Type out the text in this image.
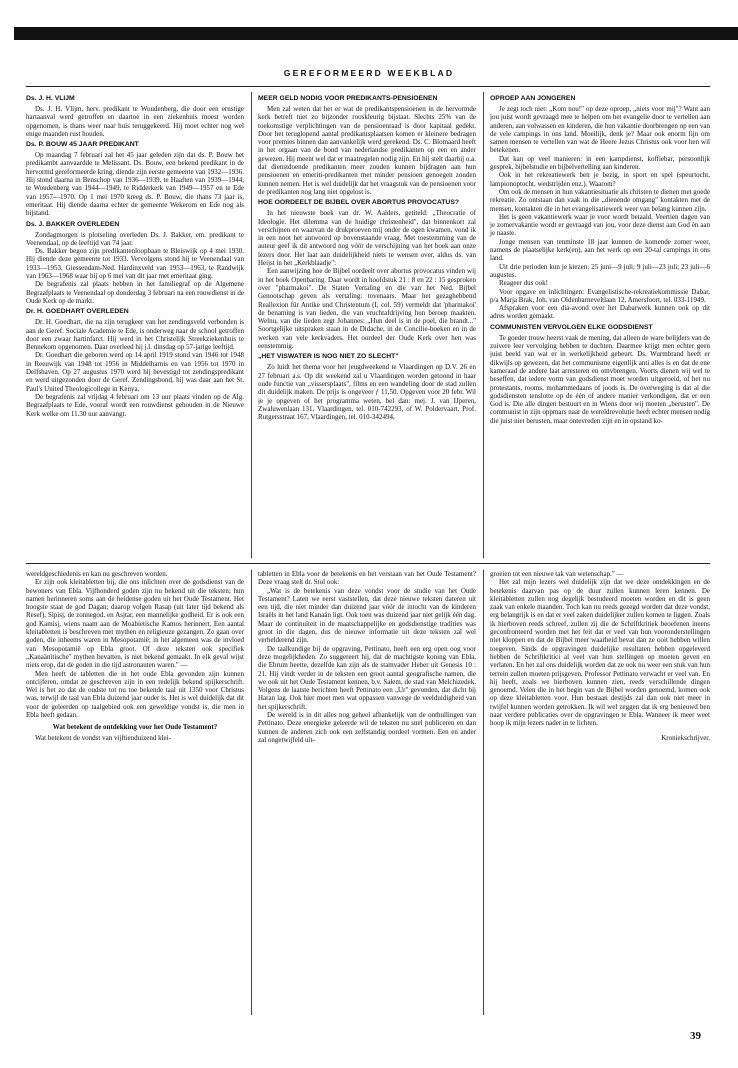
GEREFORMEERD WEEKBLAD
Ds. J. H. VLIJM

Ds. J. H. Vlijm, herv. predikant te Woudenberg, die door een ernstige hartaanval werd getroffen en daartoe in een ziekenhuis moest worden opgenomen, is thans weer naar huis teruggekeerd. Hij moet echter nog wel enige maanden rust houden.

Ds. P. BOUW 45 JAAR PREDIKANT

Op maandag 7 februari zal het 45 jaar geleden zijn dat ds. P. Bouw het predikambt aanvaardde te Melissant. Ds. Bouw, een bekend predikant in de hervormd gereformeerde kring, diende zijn eerste gemeente van 1932—1936. Hij stond daarna in Benschop van 1936—1939, te Haaften van 1939—1944, te Woudenberg van 1944—1949, te Ridderkerk van 1949—1957 en te Ede van 1957—1970. Op 1 mei 1970 kreeg ds. P. Bouw, die thans 73 jaar is, emeritaat. Hij diende daarna echter de gemeente Wekerom en Ede nog als bijstand.

Ds. J. BAKKER OVERLEDEN

Zondagmorgen is plotseling overleden Ds. J. Bakker, em. predikant te Veenendaal, op de leeftijd van 74 jaar.

Ds. Bakker begon zijn predikantenloopbaan te Bleiswijk op 4 mei 1930. Hij diende deze gemeente tot 1933. Vervolgens stond hij te Veenendaal van 1933—1953, Giessendam-Ned. Hardinxveld van 1953—1963, te Randwijk van 1963—1968 waar hij op 6 mei van dit jaar met emeritaat ging.

De begrafenis zal plaats hebben in het familiegraf op de Algemene Begraafplaats te Veenendaal op donderdag 3 februari na een rouwdienst in de Oude Kerk op de markt.

Dr. H. GOEDHART OVERLEDEN

Dr. H. Goedhart, die na zijn terugkeer van het zendingsveld verbonden is aan de Geref. Sociale Academie te Ede, is onderweg naar de school getroffen door een zwaar hartinfarct. Hij werd in het Christelijk Streekziekenhuis te Bennekom opgenomen. Daar overleed hij j.l. dinsdag op 57-jarige leeftijd.

Dr. Goedhart die geboren werd op 14 april 1919 stond van 1946 tot 1948 in Reeuwijk van 1948 tot 1956 in Middelharnis en van 1956 tot 1970 in Delfshaven. Op 27 augustus 1970 werd hij bevestigd tot zendingspredikant en werd uitgezonden door de Geref. Zendingsbond, hij was daar aan het St. Paul's United Theologicollege in Kenya.

De begrafenis zal vrijdag 4 februari om 13 uur plaats vinden op de Alg. Begraafplaats te Ede, vooraf wordt een rouwdienst gehouden in de Nieuwe Kerk welke om 11.30 uur aanvangt.

MEER GELD NODIG VOOR PREDIKANTS-PENSIOENEN

Men zal weten dat het er wat de predikantspensioenen in de hervormde kerk betreft niet zo bijzonder rooskleurig bijstaat. Slechts 25% van de toekomstige verplichtingen van de pensioenraad is door kapitaal gedekt. Door het teruglopend aantal predikantsplaatsen komen er kleinere bedragen voor premies binnen dan aanvankelijk werd gerekend. Ds. C. Blomaard heeft in het orgaan van de bond van nederlandse predikanten op een en ander gewezen. Hij meent wel dat er maatregelen nodig zijn. En hij stelt daarbij o.a. dat dienstdoende predikanten meer zouden kunnen bijdragen aan hun pensioenen en emeriti-predikanten met minder pensioen genoegen zouden kunnen nemen. Het is wel duidelijk dat het vraagstuk van de pensioenen voor de predikanten nog lang niet opgelost is.

HOE OORDEELT DE BIJBEL OVER ABORTUS PROVOCATUS?

In het nieuwste boek van dr. W. Aalders, getiteld: „Theocratie of Ideologie. Het dilemma van de huidige christenheid", dat binnenkort zal verschijnen en waarvan de drukproeven mij onder de ogen kwamen, vond ik in een noot het antwoord op bovenstaande vraag. Met toestemming van de auteur geef ik dit antwoord nog vóór de verschijning van het boek aan onze lezers door. Het laat aan duidelijkheid niets te wensen over, aldus ds. van Heijst in het „Kerkblaadje":

Een aanwijzing hoe de Bijbel oordeelt over abortus provocatus vinden wij in het boek Openbaring. Daar wordt in hoofdstuk 21 : 8 en 22 : 15 gesproken over "pharmakoi". De Staten Vertaling en die van het Ned. Bijbel Genootschap geven als vertaling: tovenaars. Maar het gezaghebbend Reallexion für Antike und Christentum (I, col. 59) vermeldt dat 'pharmakoi' de benaming is van lieden, die van vruchtafdrijving hun beroep maakten. Welnu, van die lieden zegt Johannes: „Hun deel is in de poel, die brandt..." Soortgelijke uitspraken staan in de Didache, in de Concilie-boeken en in de werken van vele kerkvaders. Het oordeel der Oude Kerk over hen was eenstemmig.

„HET VISWATER IS NOG NIET ZO SLECHT"

Zo luidt het thema voor het jeugdweekend te Vlaardingen op D.V. 26 en 27 februari a.s. Op dit weekend zal u Vlaardingen worden getoond in haar oude functie van „vissersplaats", films en een wandeling door de stad zullen dit duidelijk maken. De prijs is ongeveer ƒ 11,50. Opgeven voor 20 febr. Wil je je opgeven of het programma weten, bel dan: mej. J. van IJperen, Zwaluwenlaan 131, Vlaardingen, tel. 010-742293, of W. Poldervaart, Prof. Rutgersstraat 167, Vlaardingen, tel. 010-342494.

OPROEP AAN JONGEREN

Je zegt toch niet: „Kom nou!" op deze oproep, „niets voor mij"? Want aan jou juist wordt gevraagd mee te helpen om het evangelie door te vertellen aan anderen, aan volwassen en kinderen, die hun vakantie doorbrengen op een van de vele campings in ons land. Moeilijk, denk je? Maar ook enorm fijn om samen mensen te vertellen van wat de Heere Jezus Christus ook voor hen wil betekenen.

Dat kan op veel manieren: in een kampdienst, koffiebar, persoonlijk gesprek, bijbelstudie en bijbelvertelling aan kinderen.

Ook in het rekreatiewerk ben je bezig, in sport en spel (speurtocht, lampionoptocht, wedstrijden enz.). Waarom?

Om ook de mensen in hun vakantiesituatie als christen te dienen met goede rekreatie. Zo ontstaan dan vaak in die „dienende omgang" kontakten met de mensen, kontakten die in het evangelisatiewerk weer van belang kunnen zijn.

Het is geen vakantiewerk waar je voor wordt betaald. Veertien dagen van je zomervakantie wordt er gevraagd van jou, voor deze dienst aan God èn aan je naaste.

Jonge mensen van tenminste 18 jaar kunnen de komende zomer weer, namens de plaatselijke kerk(en), aan het werk op een 20-tal campings in ons land.

Uit drie perioden kun je kiezen: 25 juni—9 juli; 9 juli—23 juli; 23 juli—6 augustus.

Reageer dus ook!

Voor opgave en inlichtingen: Evangelistische-rekreatiekommissie Dabar, p/a Marja Brak, Joh. van Oldenbarneveltlaan 12, Amersfoort, tel. 033-11949.

Afspraken voor een dia-avond over het Dabarwerk kunnen ook op dit adres worden gemaakt.

COMMUNISTEN VERVOLGEN ELKE GODSDIENST

Te goeder trouw heerst vaak de mening, dat alleen de ware belijders van de zuivere leer vervolging hebben te duchten. Daarmee krijgt men echter geen juist beeld van wat er in werkelijkheid gebeurt. Ds. Wurmbrand heeft er dikwijls op gewezen, dat het communisme eigenlijk anti alles is en dat de ene kameraad de andere laat arresteren en omvbrengen. Voorts dienen wij wel te beseffen, dat iedere vorm van godsdienst moet worden uitgeroeid, of het nu protestants, rooms, mohammedaans of joods is. De overweging is dat al die godsdiensten tenslotte op de één of andere manier verkondigen, dat er een God is. Die alle dingen bestuurt en in Wiens door wij moeten „berusten". De communist in zijn oppmars naar de wereldrevolutie heeft echter mensen nodig die juist niet berusten, maar ontevreden zijn en in opstand ko-

wereldgeschiedenis en kan nu geschreven worden.

Er zijn ook kleitabletten bij, die ons inlichten over de godsdienst van de bewoners van Ebla. Vijfhonderd goden zijn nu bekend uit die teksten; hun namen herinneren soms aan de heidense goden uit het Oude Testament. Het hoogste staat de god Dagan; daarop volgen Rasap (uit later tijd bekend als Resef), Sipisj, de zonnegod, en Asjtar, een mannelijke godheid. Er is ook een god Kamisj, wiens naam aan de Moabietische Kamos herinnert. Een aantal kleitabletten is beschreven met mythen en religieuze gezangen. Ze gaan over goden, die inheems waren in Mesopotamië; in het algemeen was de invloed van Mesopotamië op Ebla groot. Of deze teksten ook specifiek „Kanaänitische" mythen bevatten, is niet bekend gemaakt. In elk geval wijst niets erop, dat de goden in die tijd astronauten waren." —

Men heeft de tabletten die in het oude Ebla gevonden zijn kunnen ontcijferen, omdat ze geschreven zijn in een redelijk bekend spijkerschrift. Wel is het zo dat de oudste tot nu toe bekende taal uit 1350 voor Christus was, terwijl de taal van Ebla duizend jaar ouder is. Het is wel duidelijk dat dit voor de geleerden op taalgebied ook een geweldige vondst is, die men in Ebla heeft gedaan.

Wat betekent de ontdekking voor het Oude Testament?

Wat betekent de vondst van vijftienduizend klei-

tabletten in Ebla voor de betekenis en het verstaan van het Oude Testament? Deze vraag stelt dr. Stol ook:

„Wat is de betekenis van deze vondst voor de studie van het Oude Testament? Laten we eerst vaststellen, dat deze nieuwe teksten dateren uit een tijd, die niet minder dan duizend jaar vóór de intocht van de kinderen Israëls in het land Kanaän ligt. Ook toen was duizend jaar niet gelijk één dag. Maar de continuïteit in de maatschappelijke en godsdienstige tradities was groot in die dagen, dus de nieuwe informatie uit deze teksten zal wel verhelderend zijn.

De taalkundige bij de opgraving, Pettinato, heeft een erg open oog voor deze mogelijkheden. Zo suggereert hij, dat de machtigste koning van Ebla, die Ebrum heette, dezelfde kan zijn als de stamvader Heber uit Genesis 10 : 21. Hij vindt verder in de teksten een groot aantal geografische namen, die we ook uit het Oude Testament kennen, b.v. Salem, de stad van Melchizedek. Volgens de laatste berichten heeft Pettinato een „Ur" gevonden, dat dicht bij Haran lag. Ook hier moet men wat oppassen vanwege de veelduidigheid van het spijkerschrift.

De wereld is in dit alles nog geheel afhankelijk van de onthullingen van Pettinato. Deze energieke geleerde wil de teksten nu snel publiceren en dan kunnen de anderen zich ook een zelfstandig oordeel vormen. Een en ander zal ongetwijfeld uit-

groeien tot een nieuwe tak van wetenschap." —

Het zal mijn lezers wel duidelijk zijn dat we deze ontdekkingen en de betekenis daarvan pas op de duur zullen kunnen leren kennen. De kleitabletten zullen nog degelijk bestudeerd moeten worden en dit is geen zaak van enkele maanden. Toch kan nu reeds gezegd worden dat deze vondst, erg belangrijk is en dat er veel zaken duidelijker zullen komen te liggen. Zoals ik hierboven reeds schreef, zullen zij die de Schriftkritiek beoefenen ineens geconfronteerd worden met het feit dat er veel van hun vooronderstellingen niet kloppen en dat de Bijbel meer waarheid bevat dan ze ooit hebben willen toegeven. Sinds de opgravingen duidelijke resultaten hebben opgeleverd hebben de Schriftkritici al veel van hun stellingen op moeten geven en verlaten. En het zal ons duidelijk worden dat ze ook nu weer een stuk van hun terrein zullen moeten prijsgeven. Professor Pettinato verwacht er veel van. En hij heeft, zoals we hierboven kunnen zien, reeds verschillende dingen genoemd. Velen die in het begin van de Bijbel worden genoemd, komen ook op deze kleitabletten voor. Hun bestaan destijds zal dan ook niet meer in twijfel kunnen worden getrokken. Ik wil wel zeggen dat ik erg benieuwd ben naar verdere publicaties over de opgravingen te Ebla. Wanneer ik meer weet hoop ik mijn lezers nader in te lichten.

Kroniekschrijver.
39
